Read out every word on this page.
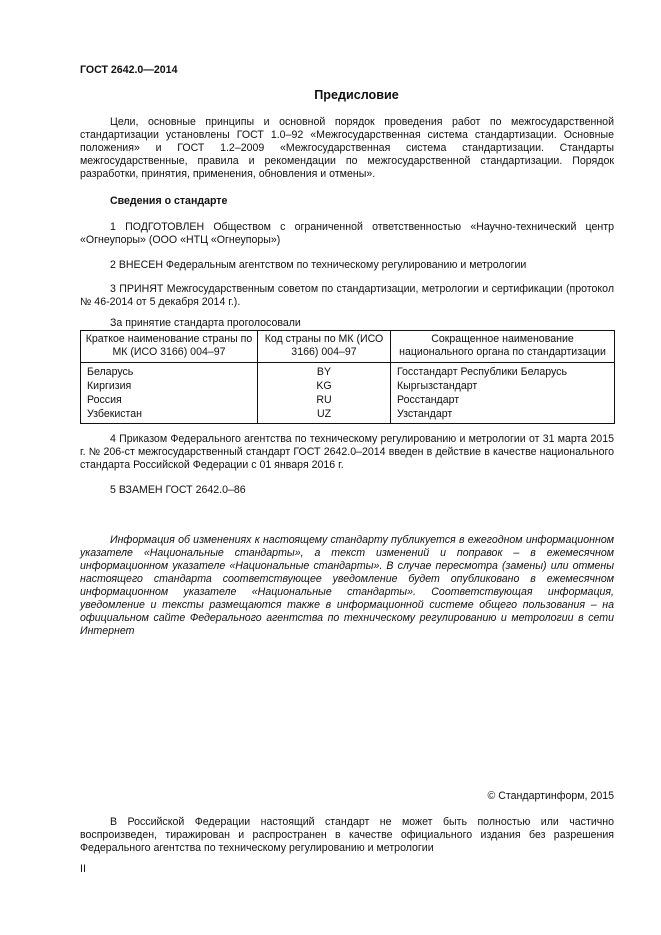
ГОСТ 2642.0—2014
Предисловие
Цели, основные принципы и основной порядок проведения работ по межгосударственной стандартизации установлены ГОСТ 1.0–92 «Межгосударственная система стандартизации. Основные положения» и ГОСТ 1.2–2009 «Межгосударственная система стандартизации. Стандарты межгосударственные, правила и рекомендации по межгосударственной стандартизации. Порядок разработки, принятия, применения, обновления и отмены».
Сведения о стандарте
1 ПОДГОТОВЛЕН Обществом с ограниченной ответственностью «Научно-технический центр «Огнеупоры» (ООО «НТЦ «Огнеупоры»)
2 ВНЕСЕН Федеральным агентством по техническому регулированию и метрологии
3 ПРИНЯТ Межгосударственным советом по стандартизации, метрологии и сертификации (протокол № 46-2014 от 5 декабря 2014 г.).
За принятие стандарта проголосовали
Краткое наименование страны по МК (ИСО 3166) 004–97	Код страны по МК (ИСО 3166) 004–97	Сокращенное наименование национального органа по стандартизации
Беларусь	BY	Госстандарт Республики Беларусь
Киргизия	KG	Кыргызстандарт
Россия	RU	Росстандарт
Узбекистан	UZ	Узстандарт
4 Приказом Федерального агентства по техническому регулированию и метрологии от 31 марта 2015 г. № 206-ст межгосударственный стандарт ГОСТ 2642.0–2014 введен в действие в качестве национального стандарта Российской Федерации с 01 января 2016 г.
5 ВЗАМЕН ГОСТ 2642.0–86
Информация об изменениях к настоящему стандарту публикуется в ежегодном информационном указателе «Национальные стандарты», а текст изменений и поправок – в ежемесячном информационном указателе «Национальные стандарты». В случае пересмотра (замены) или отмены настоящего стандарта соответствующее уведомление будет опубликовано в ежемесячном информационном указателе «Национальные стандарты». Соответствующая информация, уведомление и тексты размещаются также в информационной системе общего пользования – на официальном сайте Федерального агентства по техническому регулированию и метрологии в сети Интернет
© Стандартинформ, 2015
В Российской Федерации настоящий стандарт не может быть полностью или частично воспроизведен, тиражирован и распространен в качестве официального издания без разрешения Федерального агентства по техническому регулированию и метрологии
II
